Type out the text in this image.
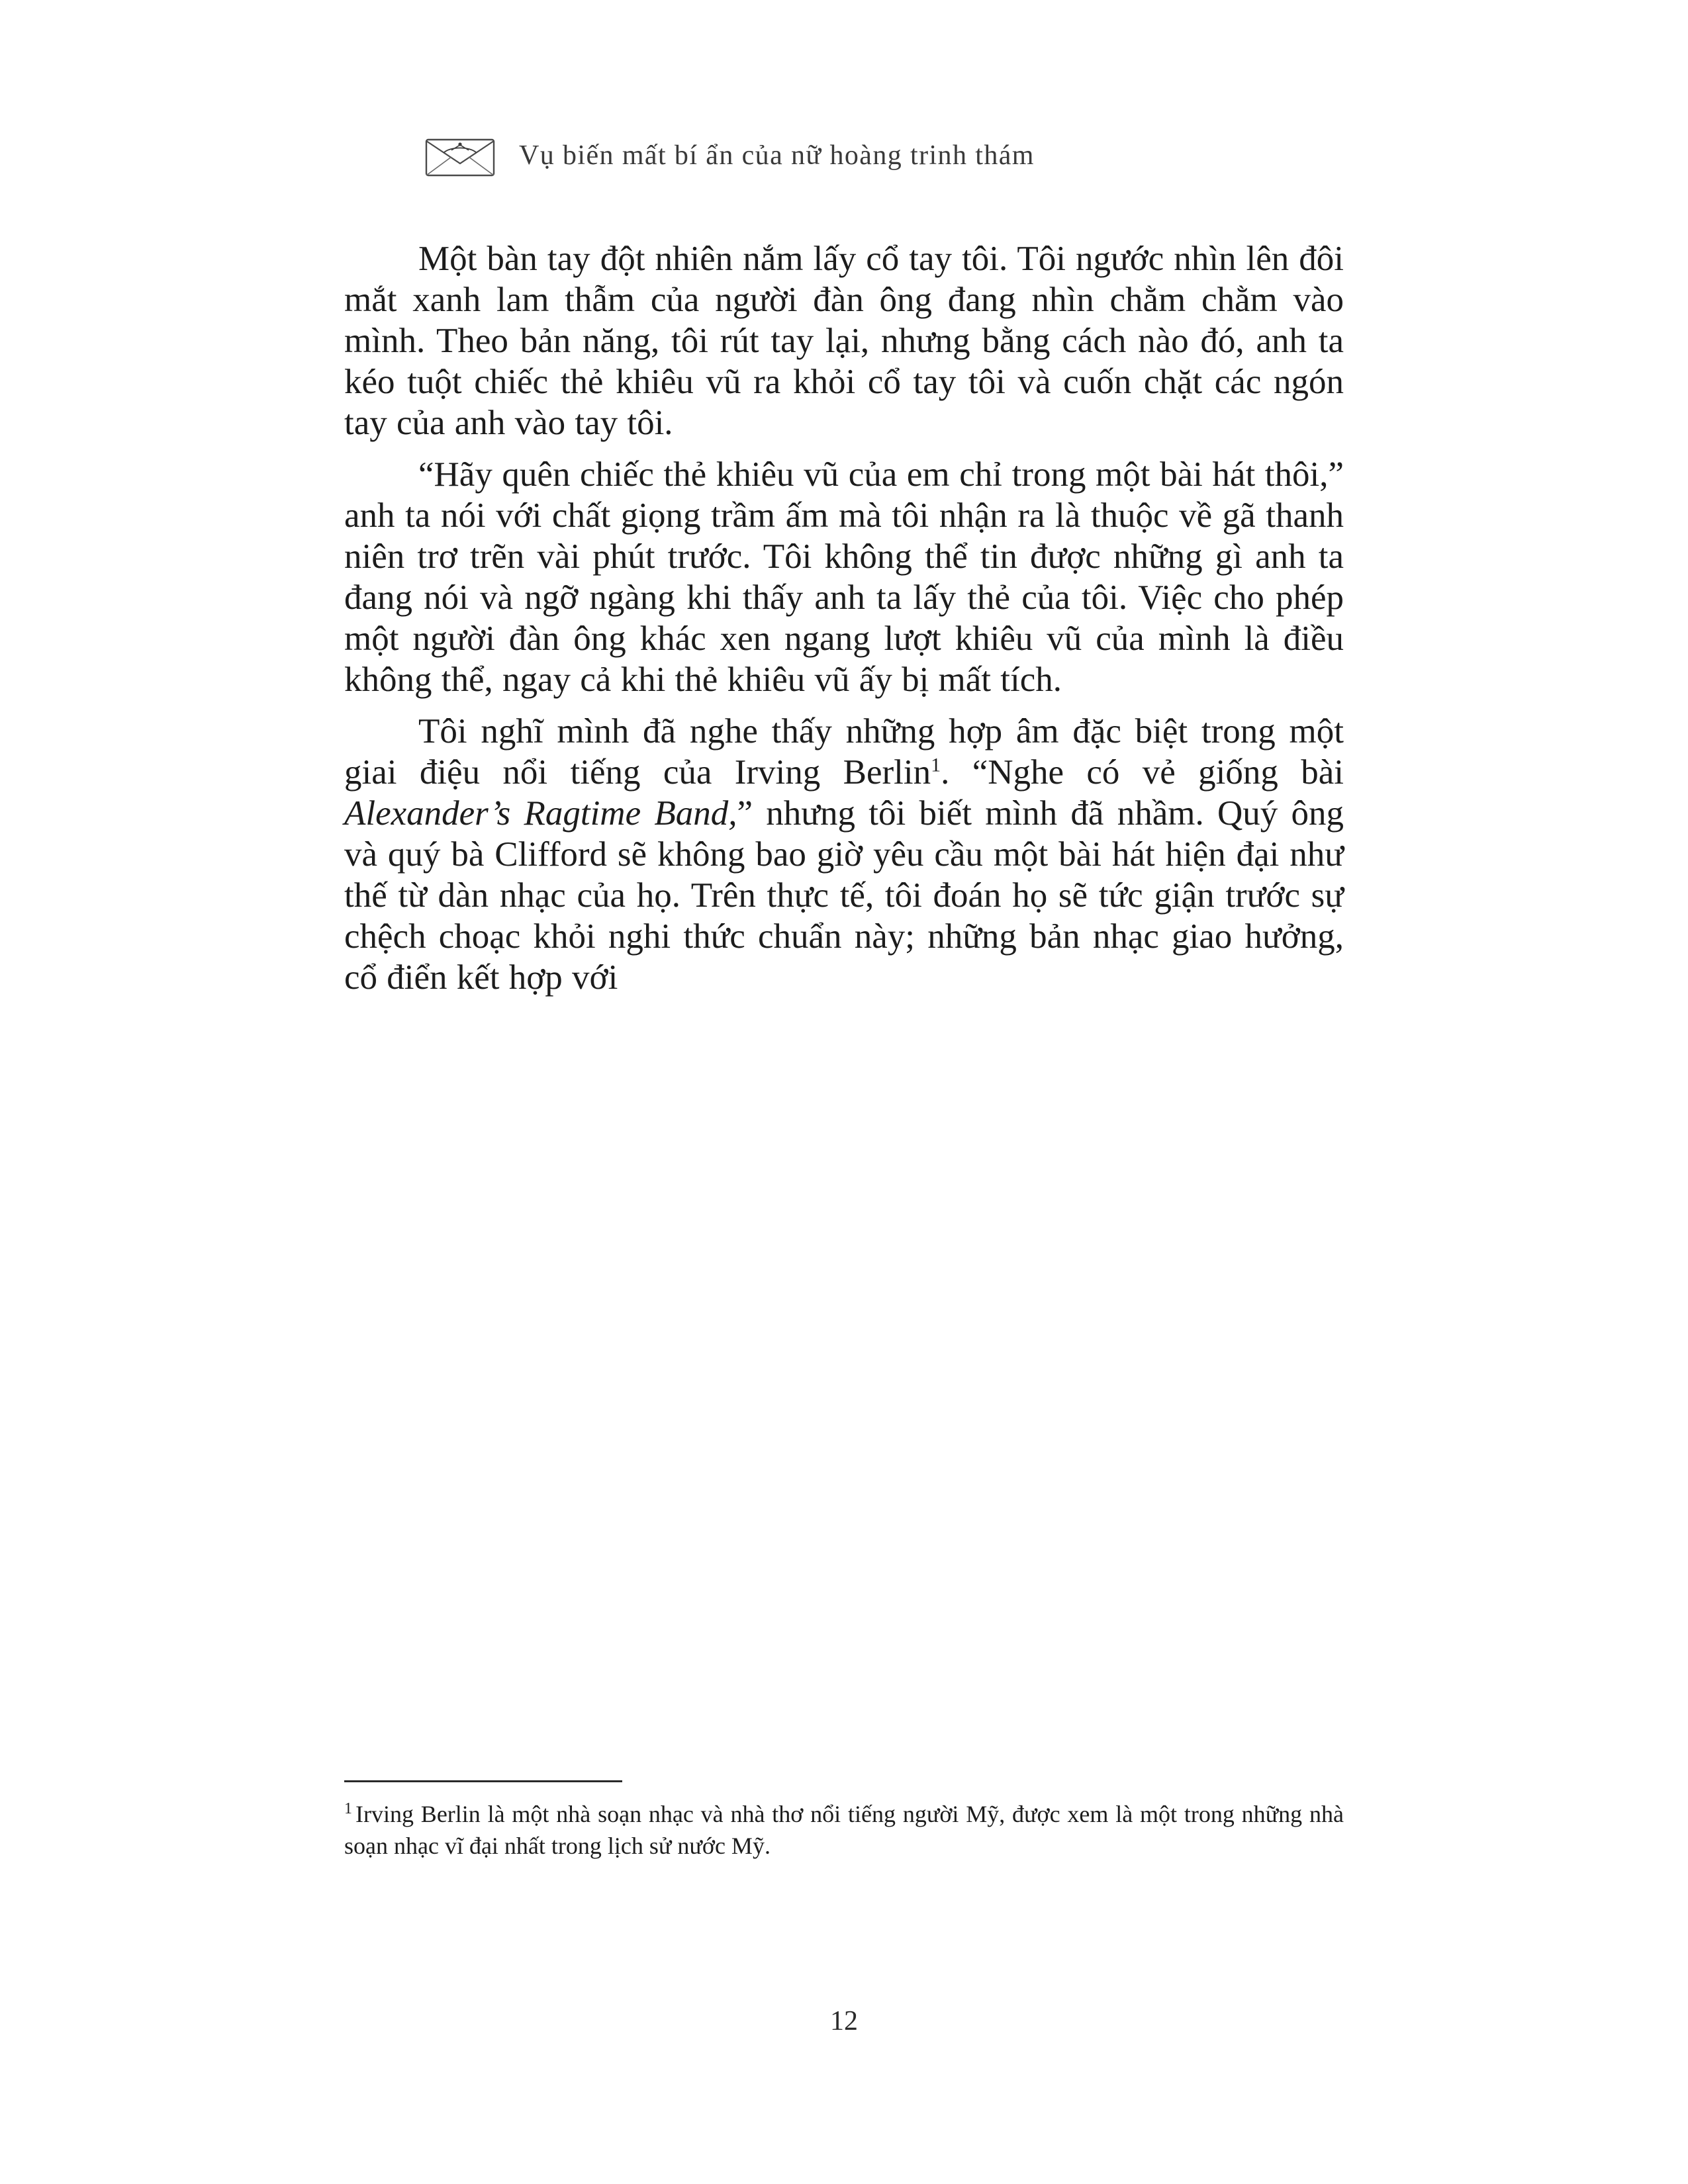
Vụ biến mất bí ẩn của nữ hoàng trinh thám

Một bàn tay đột nhiên nắm lấy cổ tay tôi. Tôi ngước nhìn lên đôi mắt xanh lam thẫm của người đàn ông đang nhìn chằm chằm vào mình. Theo bản năng, tôi rút tay lại, nhưng bằng cách nào đó, anh ta kéo tuột chiếc thẻ khiêu vũ ra khỏi cổ tay tôi và cuốn chặt các ngón tay của anh vào tay tôi.

“Hãy quên chiếc thẻ khiêu vũ của em chỉ trong một bài hát thôi,” anh ta nói với chất giọng trầm ấm mà tôi nhận ra là thuộc về gã thanh niên trơ trẽn vài phút trước. Tôi không thể tin được những gì anh ta đang nói và ngỡ ngàng khi thấy anh ta lấy thẻ của tôi. Việc cho phép một người đàn ông khác xen ngang lượt khiêu vũ của mình là điều không thể, ngay cả khi thẻ khiêu vũ ấy bị mất tích.

Tôi nghĩ mình đã nghe thấy những hợp âm đặc biệt trong một giai điệu nổi tiếng của Irving Berlin$^1$. “Nghe có vẻ giống bài Alexander’s Ragtime Band,” nhưng tôi biết mình đã nhầm. Quý ông và quý bà Clifford sẽ không bao giờ yêu cầu một bài hát hiện đại như thế từ dàn nhạc của họ. Trên thực tế, tôi đoán họ sẽ tức giận trước sự chệch choạc khỏi nghi thức chuẩn này; những bản nhạc giao hưởng, cổ điển kết hợp với

$^1$ Irving Berlin là một nhà soạn nhạc và nhà thơ nổi tiếng người Mỹ, được xem là một trong những nhà soạn nhạc vĩ đại nhất trong lịch sử nước Mỹ.
12
